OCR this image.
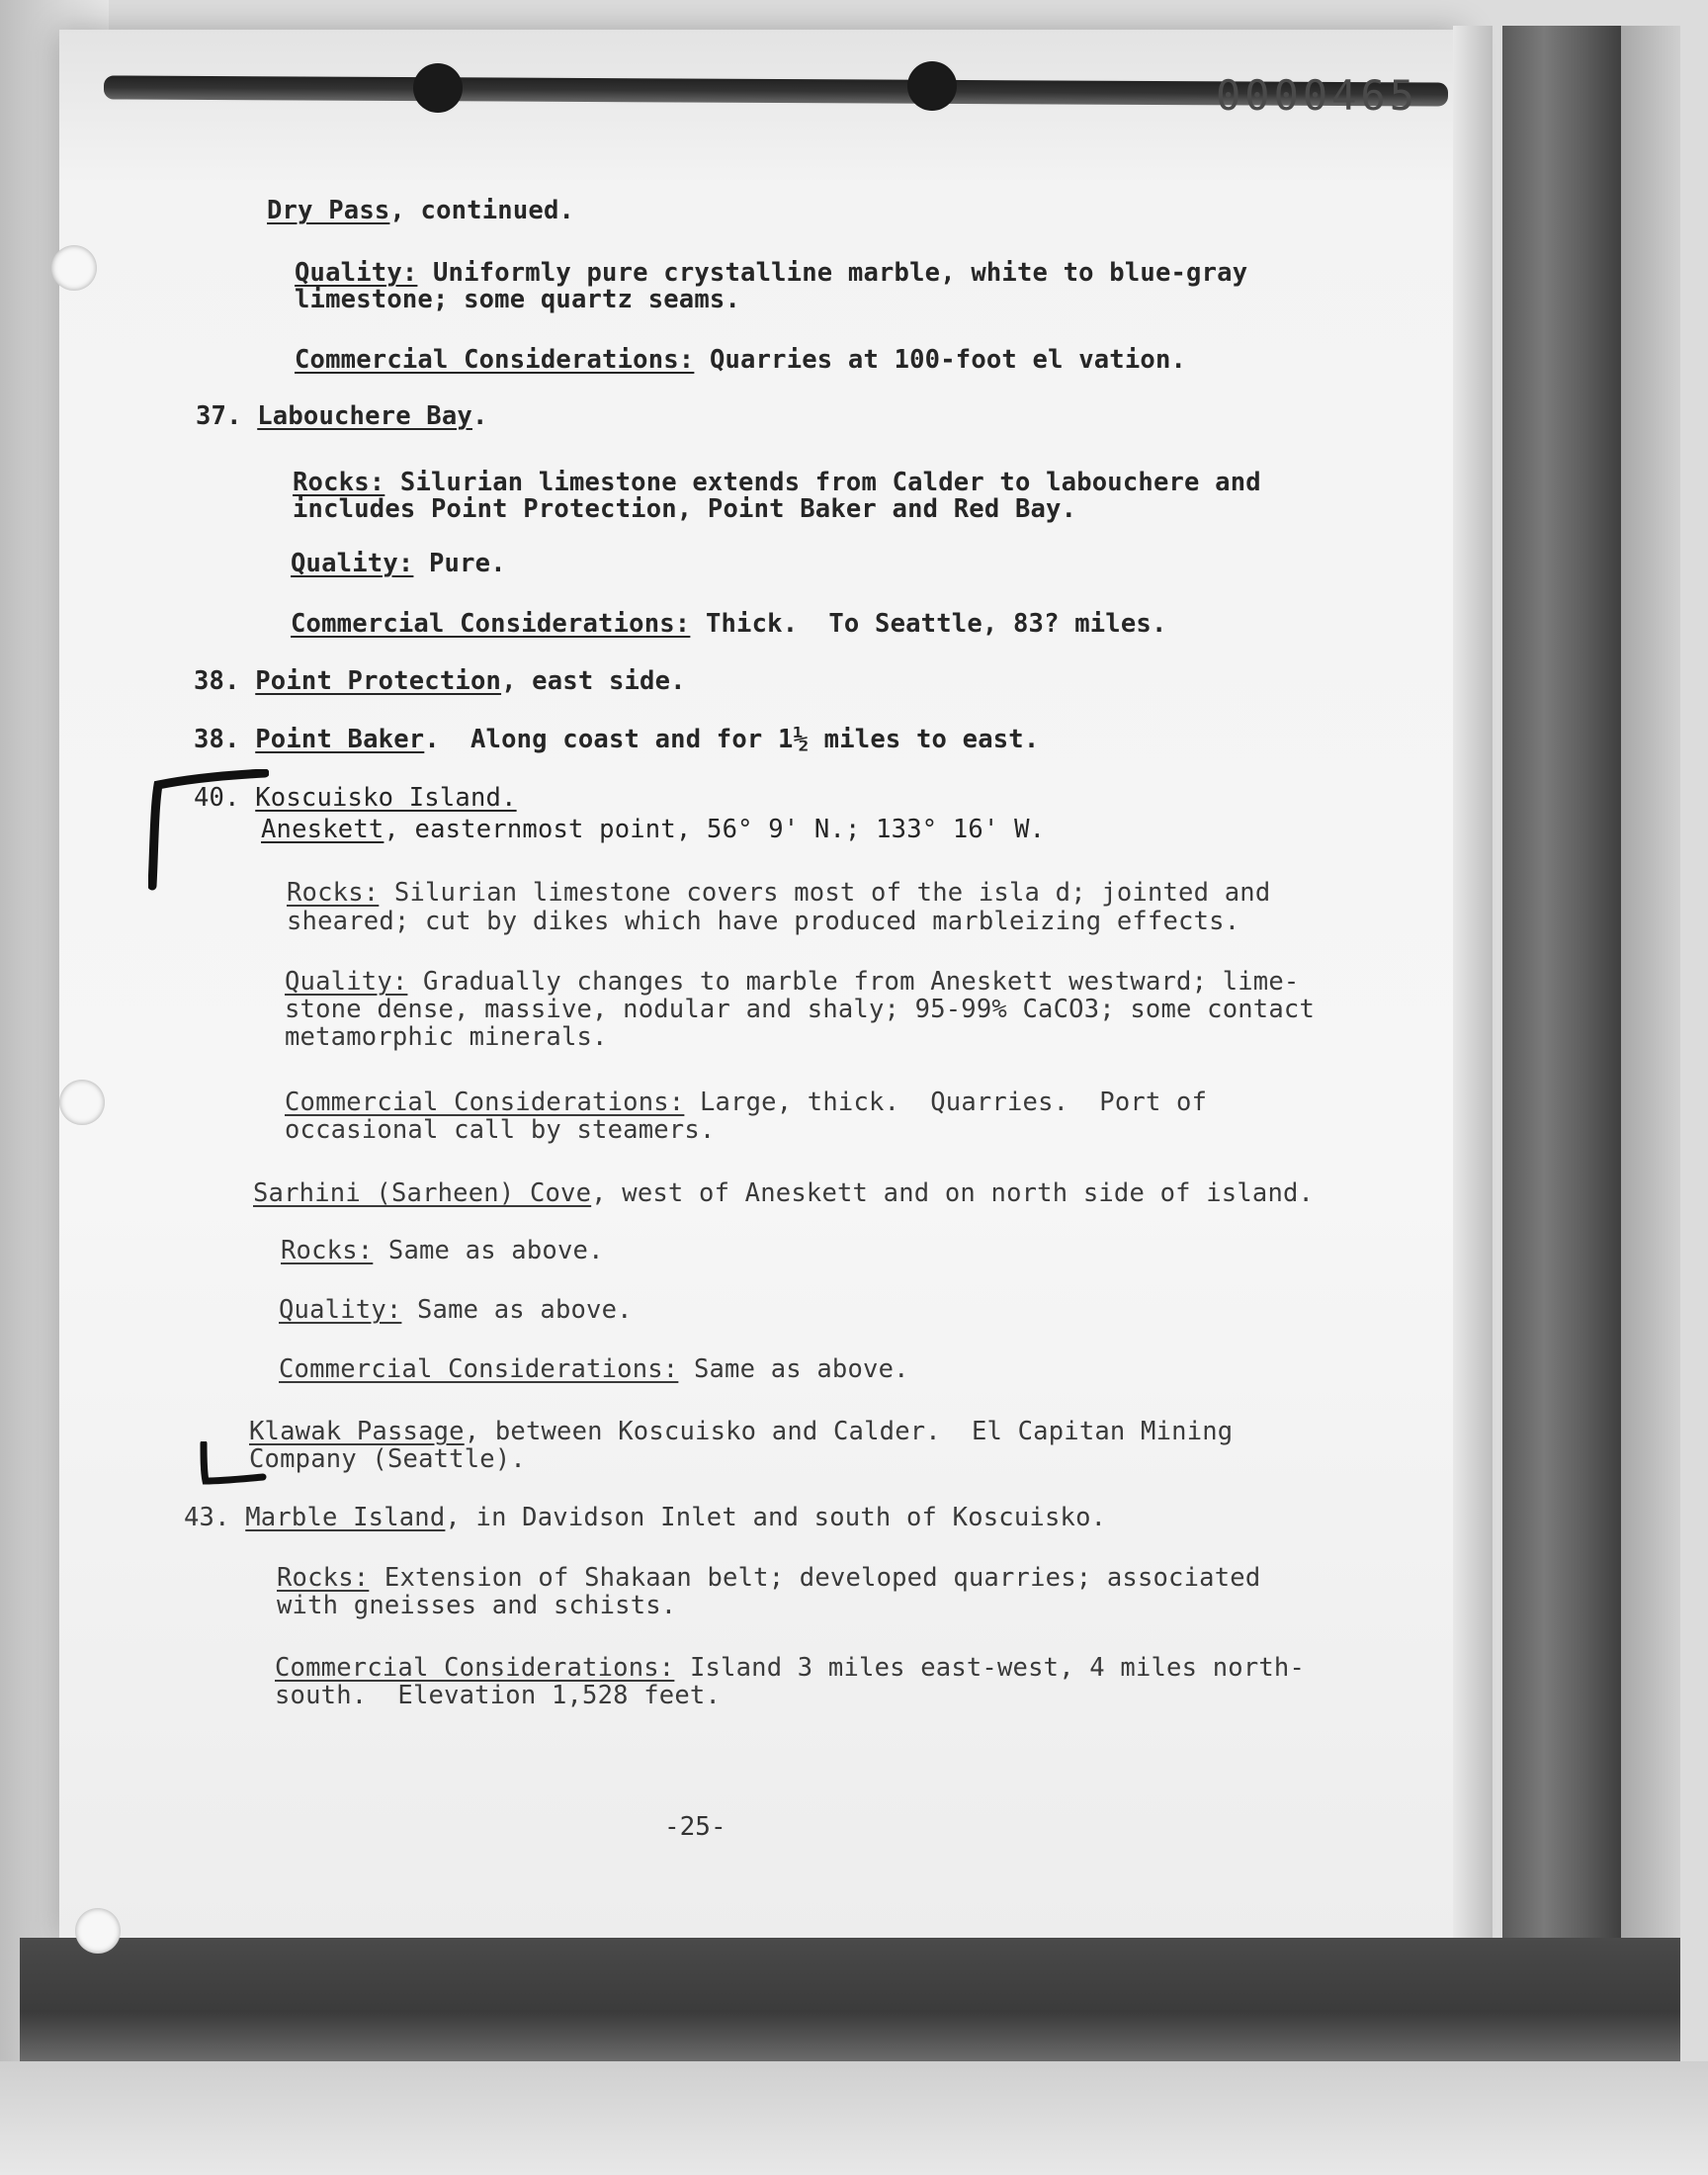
0000465

Dry Pass, continued.

Quality: Uniformly pure crystalline marble, white to blue-gray

limestone; some quartz seams.

Commercial Considerations: Quarries at 100-foot el vation.

37. Labouchere Bay.

Rocks: Silurian limestone extends from Calder to labouchere and

includes Point Protection, Point Baker and Red Bay.

Quality: Pure.

Commercial Considerations: Thick.  To Seattle, 83? miles.

38. Point Protection, east side.

38. Point Baker.  Along coast and for 1½ miles to east.

40. Koscuisko Island.

Aneskett, easternmost point, 56° 9' N.; 133° 16' W.

Rocks: Silurian limestone covers most of the isla d; jointed and

sheared; cut by dikes which have produced marbleizing effects.

Quality: Gradually changes to marble from Aneskett westward; lime-

stone dense, massive, nodular and shaly; 95-99% CaCO3; some contact

metamorphic minerals.

Commercial Considerations: Large, thick.  Quarries.  Port of

occasional call by steamers.

Sarhini (Sarheen) Cove, west of Aneskett and on north side of island.

Rocks: Same as above.

Quality: Same as above.

Commercial Considerations: Same as above.

Klawak Passage, between Koscuisko and Calder.  El Capitan Mining

Company (Seattle).

43. Marble Island, in Davidson Inlet and south of Koscuisko.

Rocks: Extension of Shakaan belt; developed quarries; associated

with gneisses and schists.

Commercial Considerations: Island 3 miles east-west, 4 miles north-

south.  Elevation 1,528 feet.

-25-
